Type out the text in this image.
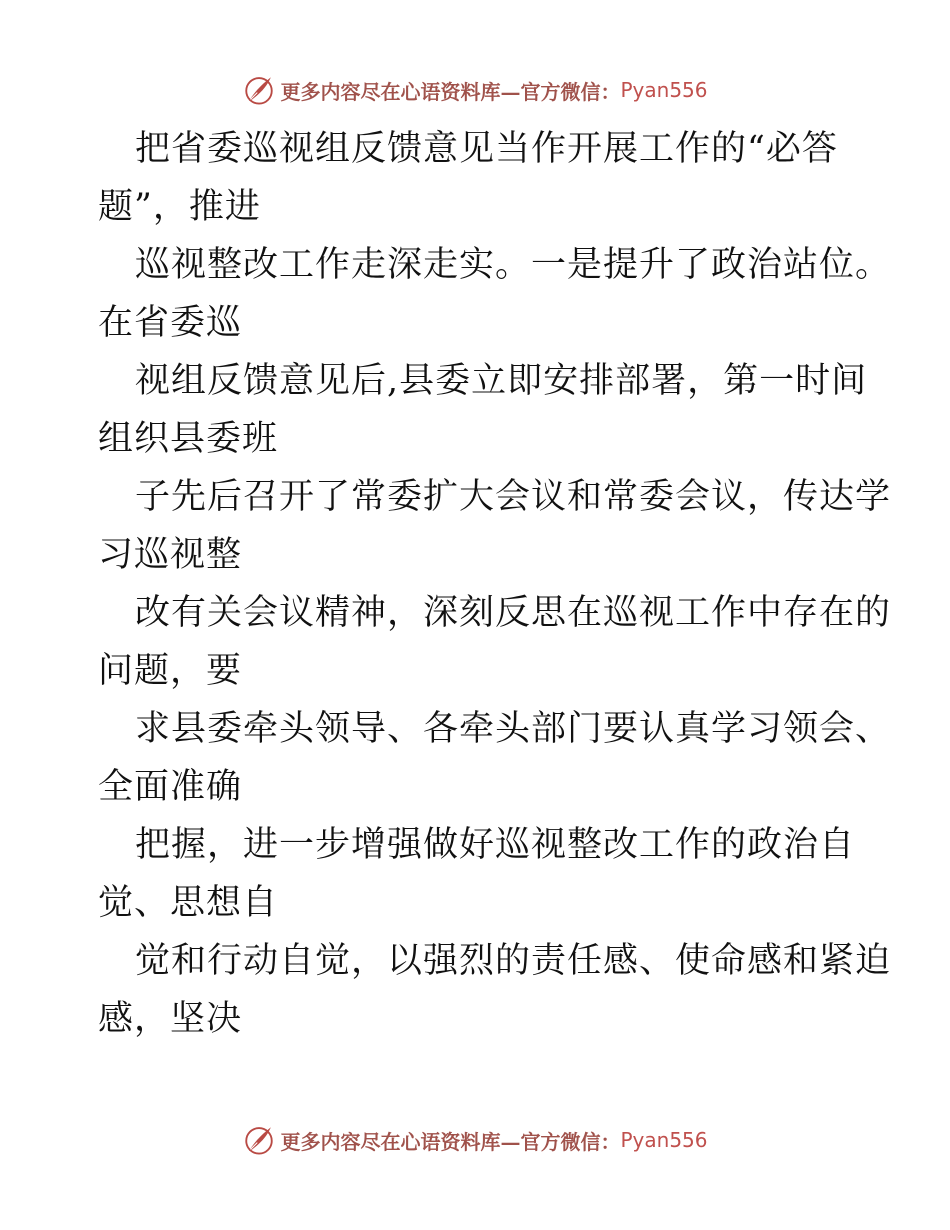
更多内容尽在心语资料库—官方微信： Pyan556
把省委巡视组反馈意见当作开展工作的“必答
题”，推进
巡视整改工作走深走实。一是提升了政治站位。
在省委巡
视组反馈意见后,县委立即安排部署，第一时间
组织县委班
子先后召开了常委扩大会议和常委会议，传达学
习巡视整
改有关会议精神，深刻反思在巡视工作中存在的
问题，要
求县委牵头领导、各牵头部门要认真学习领会、
全面准确
把握，进一步增强做好巡视整改工作的政治自
觉、思想自
觉和行动自觉，以强烈的责任感、使命感和紧迫
感，坚决
更多内容尽在心语资料库—官方微信： Pyan556
